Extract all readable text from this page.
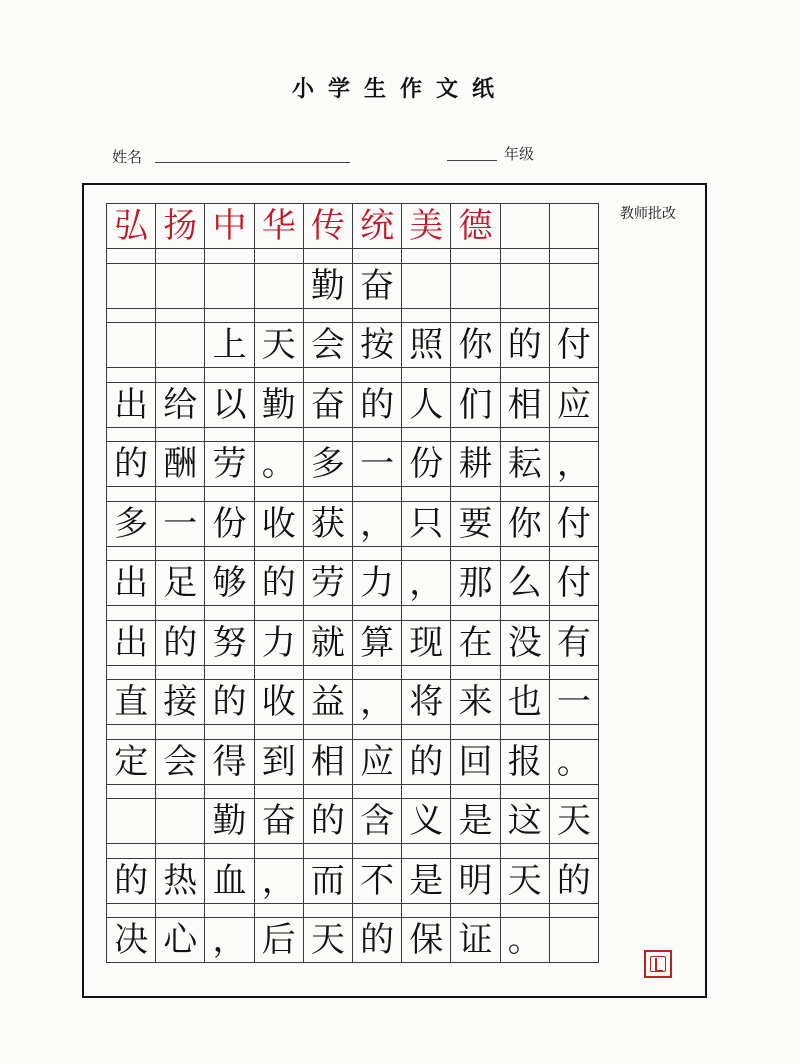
小学生作文纸
姓名	年级
教师批改
弘 扬 中 华 传 统 美 德
勤 奋
上 天 会 按 照 你 的 付
出 给 以 勤 奋 的 人 们 相 应
的 酬 劳 。 多 一 份 耕 耘 ，
多 一 份 收 获 ， 只 要 你 付
出 足 够 的 劳 力 ， 那 么 付
出 的 努 力 就 算 现 在 没 有
直 接 的 收 益 ， 将 来 也 一
定 会 得 到 相 应 的 回 报 。
勤 奋 的 含 义 是 这 天
的 热 血 ， 而 不 是 明 天 的
决 心 ， 后 天 的 保 证 。
